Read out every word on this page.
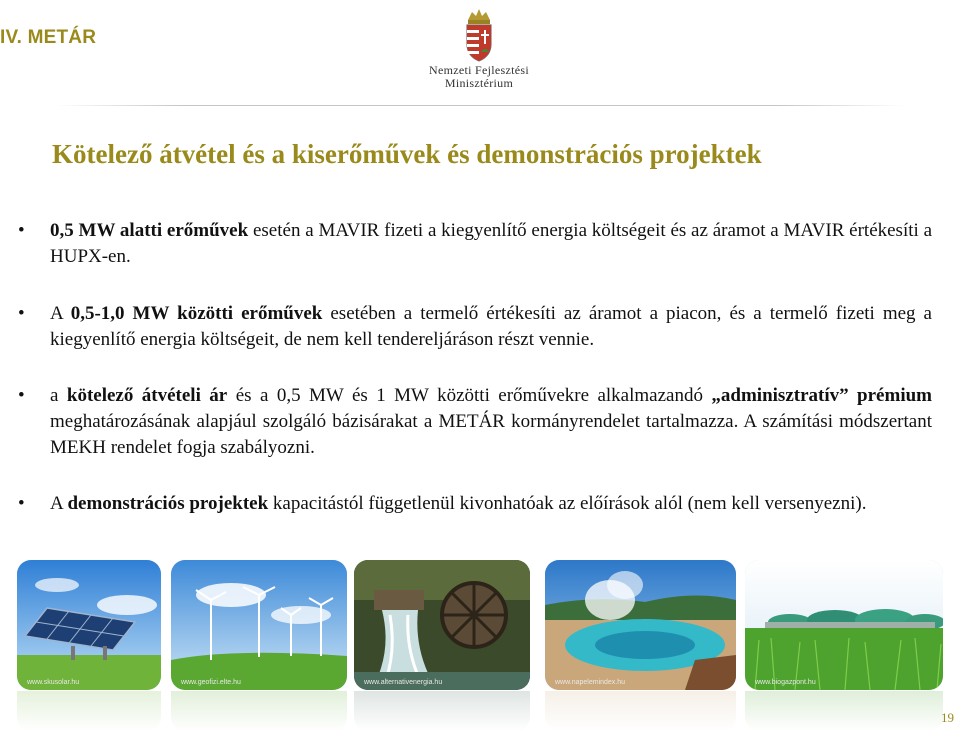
IV. METÁR
Nemzeti Fejlesztési
Minisztérium
Kötelező átvétel és a kiserőművek és demonstrációs projektek
• 0,5 MW alatti erőművek esetén a MAVIR fizeti a kiegyenlítő energia költségeit és az áramot a MAVIR értékesíti a HUPX-en.
• A 0,5-1,0 MW közötti erőművek esetében a termelő értékesíti az áramot a piacon, és a termelő fizeti meg a kiegyenlítő energia költségeit, de nem kell tendereljáráson részt vennie.
• a kötelező átvételi ár és a 0,5 MW és 1 MW közötti erőművekre alkalmazandó „adminisztratív” prémium meghatározásának alapjául szolgáló bázisárakat a METÁR kormányrendelet tartalmazza. A számítási módszertant MEKH rendelet fogja szabályozni.
• A demonstrációs projektek kapacitástól függetlenül kivonhatóak az előírások alól (nem kell versenyezni).
www.skusolar.hu	www.geofizi.elte.hu	www.alternativenergia.hu	www.napelemindex.hu	www.biogazpont.hu
19
